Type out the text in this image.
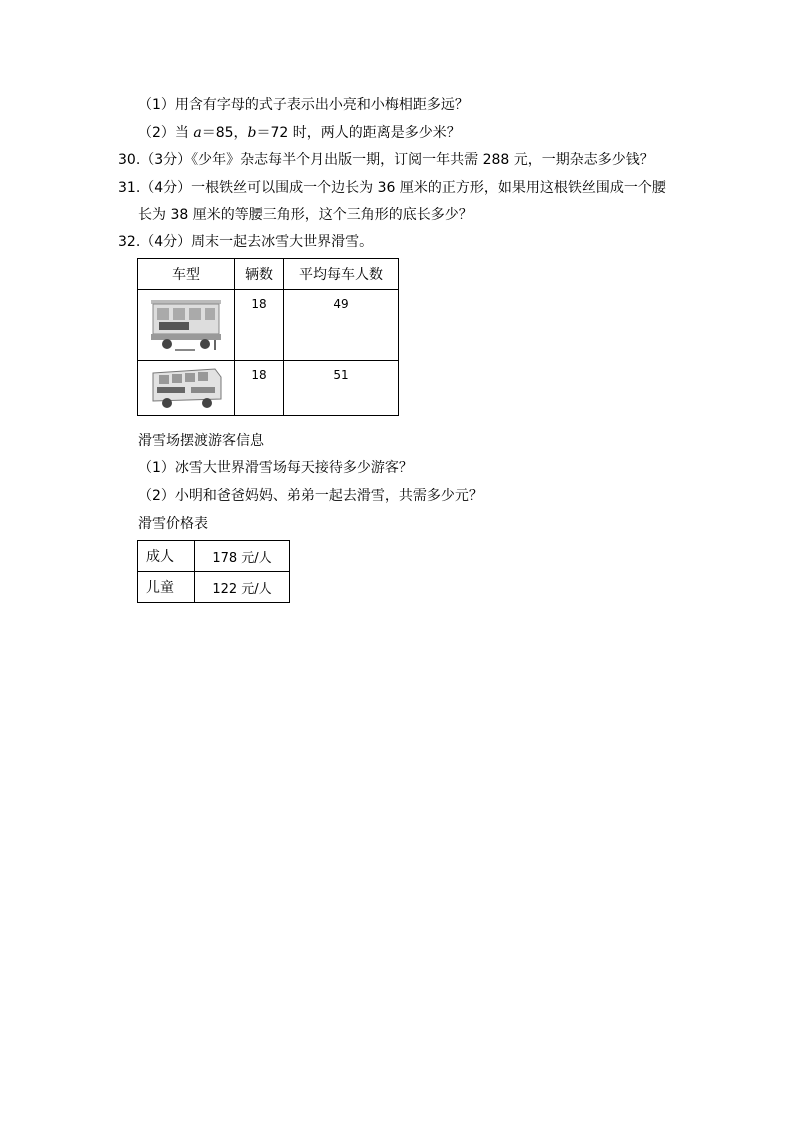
（1）用含有字母的式子表示出小亮和小梅相距多远？
（2）当 a＝85，b＝72 时，两人的距离是多少米？
30.（3分）《少年》杂志每半个月出版一期，订阅一年共需 288 元，一期杂志多少钱？
31.（4分）一根铁丝可以围成一个边长为 36 厘米的正方形，如果用这根铁丝围成一个腰
长为 38 厘米的等腰三角形，这个三角形的底长多少？
32.（4分）周末一起去冰雪大世界滑雪。
车型	辆数	平均每车人数

	18	49

	18	51
滑雪场摆渡游客信息
（1）冰雪大世界滑雪场每天接待多少游客？
（2）小明和爸爸妈妈、弟弟一起去滑雪，共需多少元？
滑雪价格表
成人	178 元/人
儿童	122 元/人
